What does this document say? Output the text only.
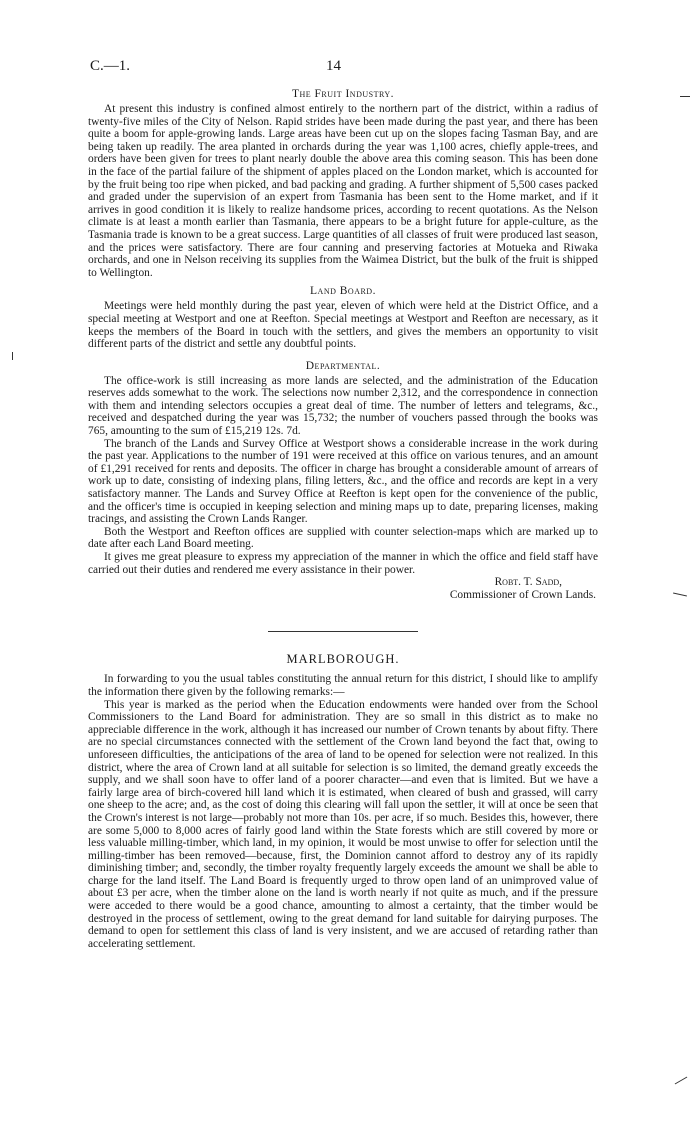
C.—1.	14
The Fruit Industry.

At present this industry is confined almost entirely to the northern part of the district, within a radius of twenty-five miles of the City of Nelson. Rapid strides have been made during the past year, and there has been quite a boom for apple-growing lands. Large areas have been cut up on the slopes facing Tasman Bay, and are being taken up readily. The area planted in orchards during the year was 1,100 acres, chiefly apple-trees, and orders have been given for trees to plant nearly double the above area this coming season. This has been done in the face of the partial failure of the shipment of apples placed on the London market, which is accounted for by the fruit being too ripe when picked, and bad packing and grading. A further shipment of 5,500 cases packed and graded under the supervision of an expert from Tasmania has been sent to the Home market, and if it arrives in good condition it is likely to realize handsome prices, according to recent quotations. As the Nelson climate is at least a month earlier than Tasmania, there appears to be a bright future for apple-culture, as the Tasmania trade is known to be a great success. Large quantities of all classes of fruit were produced last season, and the prices were satisfactory. There are four canning and preserving factories at Motueka and Riwaka orchards, and one in Nelson receiving its supplies from the Waimea District, but the bulk of the fruit is shipped to Wellington.

Land Board.

Meetings were held monthly during the past year, eleven of which were held at the District Office, and a special meeting at Westport and one at Reefton. Special meetings at Westport and Reefton are necessary, as it keeps the members of the Board in touch with the settlers, and gives the members an opportunity to visit different parts of the district and settle any doubtful points.

Departmental.

The office-work is still increasing as more lands are selected, and the administration of the Education reserves adds somewhat to the work. The selections now number 2,312, and the correspondence in connection with them and intending selectors occupies a great deal of time. The number of letters and telegrams, &c., received and despatched during the year was 15,732; the number of vouchers passed through the books was 765, amounting to the sum of £15,219 12s. 7d.

The branch of the Lands and Survey Office at Westport shows a considerable increase in the work during the past year. Applications to the number of 191 were received at this office on various tenures, and an amount of £1,291 received for rents and deposits. The officer in charge has brought a considerable amount of arrears of work up to date, consisting of indexing plans, filing letters, &c., and the office and records are kept in a very satisfactory manner. The Lands and Survey Office at Reefton is kept open for the convenience of the public, and the officer's time is occupied in keeping selection and mining maps up to date, preparing licenses, making tracings, and assisting the Crown Lands Ranger.

Both the Westport and Reefton offices are supplied with counter selection-maps which are marked up to date after each Land Board meeting.

It gives me great pleasure to express my appreciation of the manner in which the office and field staff have carried out their duties and rendered me every assistance in their power.

Robt. T. Sadd,
Commissioner of Crown Lands.
MARLBOROUGH.

In forwarding to you the usual tables constituting the annual return for this district, I should like to amplify the information there given by the following remarks:—

This year is marked as the period when the Education endowments were handed over from the School Commissioners to the Land Board for administration. They are so small in this district as to make no appreciable difference in the work, although it has increased our number of Crown tenants by about fifty. There are no special circumstances connected with the settlement of the Crown land beyond the fact that, owing to unforeseen difficulties, the anticipations of the area of land to be opened for selection were not realized. In this district, where the area of Crown land at all suitable for selection is so limited, the demand greatly exceeds the supply, and we shall soon have to offer land of a poorer character—and even that is limited. But we have a fairly large area of birch-covered hill land which it is estimated, when cleared of bush and grassed, will carry one sheep to the acre; and, as the cost of doing this clearing will fall upon the settler, it will at once be seen that the Crown's interest is not large—probably not more than 10s. per acre, if so much. Besides this, however, there are some 5,000 to 8,000 acres of fairly good land within the State forests which are still covered by more or less valuable milling-timber, which land, in my opinion, it would be most unwise to offer for selection until the milling-timber has been removed—because, first, the Dominion cannot afford to destroy any of its rapidly diminishing timber; and, secondly, the timber royalty frequently largely exceeds the amount we shall be able to charge for the land itself. The Land Board is frequently urged to throw open land of an unimproved value of about £3 per acre, when the timber alone on the land is worth nearly if not quite as much, and if the pressure were acceded to there would be a good chance, amounting to almost a certainty, that the timber would be destroyed in the process of settlement, owing to the great demand for land suitable for dairying purposes. The demand to open for settlement this class of land is very insistent, and we are accused of retarding rather than accelerating settlement.
